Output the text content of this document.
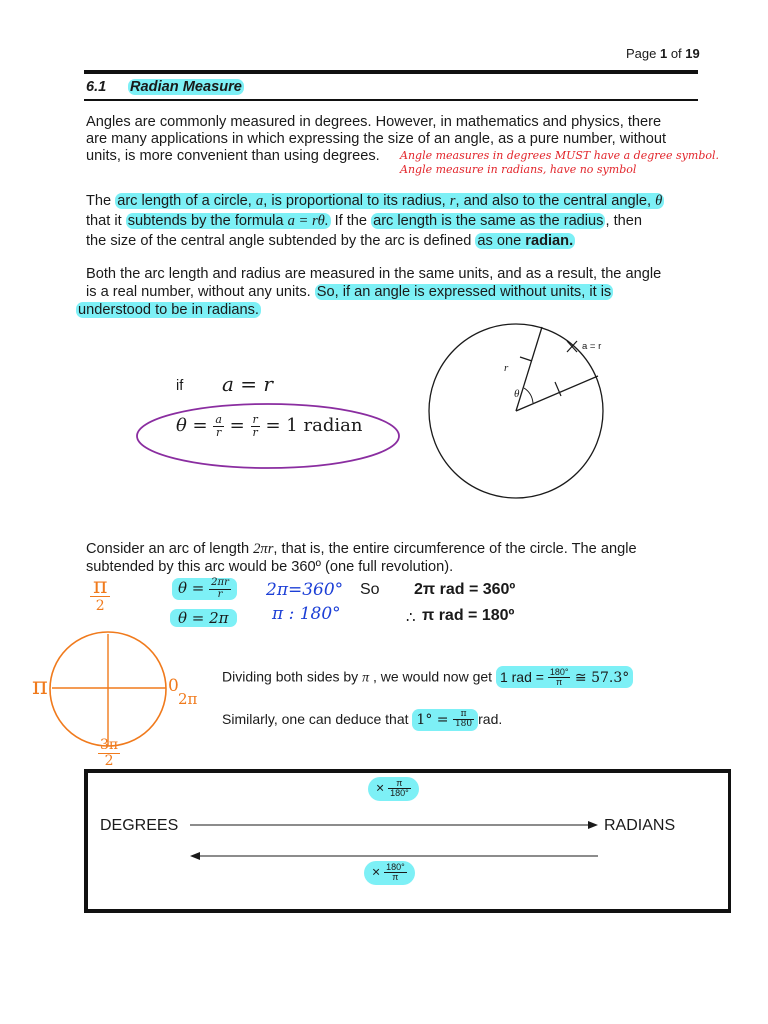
Page 1 of 19
6.1 Radian Measure
Angles are commonly measured in degrees. However, in mathematics and physics, there
are many applications in which expressing the size of an angle, as a pure number, without
units, is more convenient than using degrees.	Angle measures in degrees MUST have a degree symbol.
Angle measure in radians, have no symbol
The arc length of a circle, a, is proportional to its radius, r, and also to the central angle, θ
that it subtends by the formula a = rθ. If the arc length is the same as the radius , then
the size of the central angle subtended by the arc is defined as one radian.
Both the arc length and radius are measured in the same units, and as a result, the angle
is a real number, without any units. So, if an angle is expressed without units, it is
understood to be in radians.
if a = r
$\theta = \frac{a}{r} = \frac{r}{r} = 1$ radian
a = r
r
θ
Consider an arc of length 2πr, that is, the entire circumference of the circle. The angle
subtended by this arc would be 360º (one full revolution).
$\theta = \frac{2\pi r}{r}$
θ = 2π
2π=360°
π : 180°
So 2π rad = 360º
∴ π rad = 180º
π
2
π	0
2π
$\frac{3\pi}{2}$
Dividing both sides by π , we would now get 1 rad = $\frac{180^\circ}{\pi}$ ≅ 57.3°
Similarly, one can deduce that $1^\circ = \frac{\pi}{180}$ rad.
DEGREES	RADIANS
× $\frac{\pi}{180^\circ}$
× $\frac{180^\circ}{\pi}$
